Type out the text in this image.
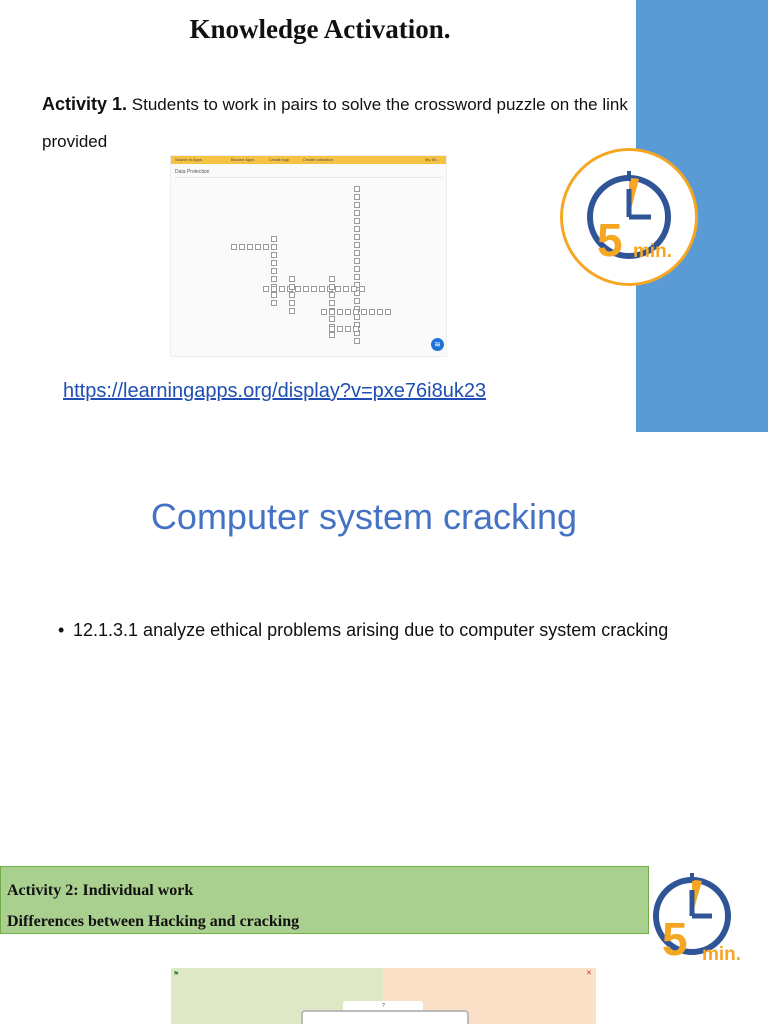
Knowledge Activation.
Activity 1. Students to work in pairs to solve the crossword puzzle on the link provided
Search in Apps	Browse Apps	Create App	Create collection	My Sh...
Data Protection
≋
https://learningapps.org/display?v=pxe76i8uk23
5 min.
Computer system cracking
• 12.1.3.1 analyze ethical problems arising due to computer system cracking
Activity 2: Individual work
Differences between Hacking and cracking	5 min.
⚑	✕
?
